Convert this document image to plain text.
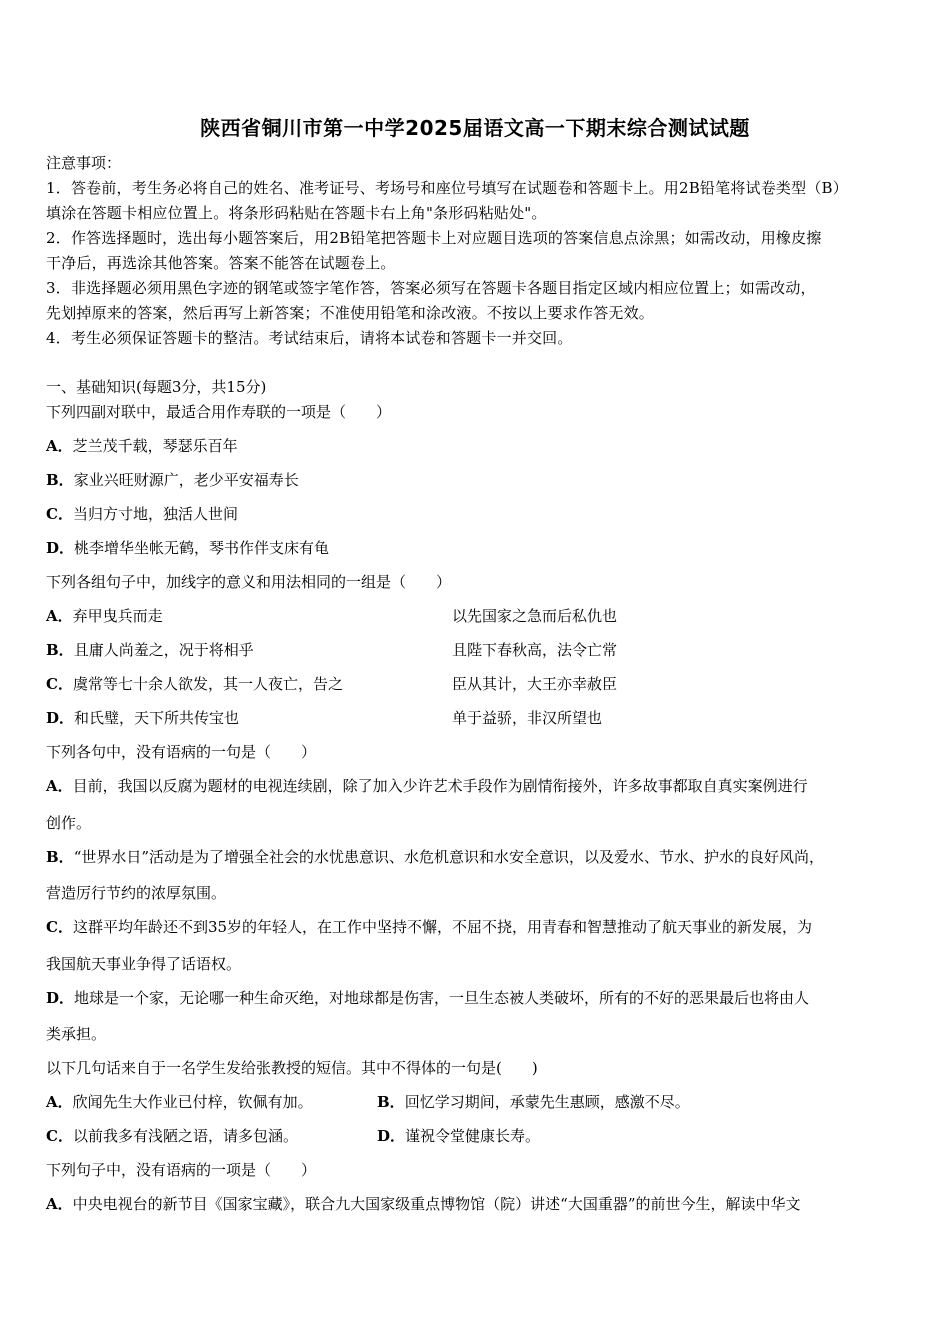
陕西省铜川市第一中学2025届语文高一下期末综合测试试题
注意事项：
1．答卷前，考生务必将自己的姓名、准考证号、考场号和座位号填写在试题卷和答题卡上。用2B铅笔将试卷类型（B）
填涂在答题卡相应位置上。将条形码粘贴在答题卡右上角"条形码粘贴处"。
2．作答选择题时，选出每小题答案后，用2B铅笔把答题卡上对应题目选项的答案信息点涂黑；如需改动，用橡皮擦
干净后，再选涂其他答案。答案不能答在试题卷上。
3．非选择题必须用黑色字迹的钢笔或签字笔作答，答案必须写在答题卡各题目指定区域内相应位置上；如需改动，
先划掉原来的答案，然后再写上新答案；不准使用铅笔和涂改液。不按以上要求作答无效。
4．考生必须保证答题卡的整洁。考试结束后，请将本试卷和答题卡一并交回。
一、基础知识(每题3分，共15分)
下列四副对联中，最适合用作寿联的一项是（　　）
A．芝兰茂千载，琴瑟乐百年
B．家业兴旺财源广，老少平安福寿长
C．当归方寸地，独活人世间
D．桃李增华坐帐无鹤，琴书作伴支床有龟
下列各组句子中，加线字的意义和用法相同的一组是（　　）
A．弃甲曳兵而走	以先国家之急而后私仇也
B．且庸人尚羞之，况于将相乎	且陛下春秋高，法令亡常
C．虞常等七十余人欲发，其一人夜亡，告之	臣从其计，大王亦幸赦臣
D．和氏璧，天下所共传宝也	单于益骄，非汉所望也
下列各句中，没有语病的一句是（　　）
A．目前，我国以反腐为题材的电视连续剧，除了加入少许艺术手段作为剧情衔接外，许多故事都取自真实案例进行
创作。
B．“世界水日”活动是为了增强全社会的水忧患意识、水危机意识和水安全意识，以及爱水、节水、护水的良好风尚，
营造厉行节约的浓厚氛围。
C．这群平均年龄还不到35岁的年轻人，在工作中坚持不懈，不屈不挠，用青春和智慧推动了航天事业的新发展，为
我国航天事业争得了话语权。
D．地球是一个家，无论哪一种生命灭绝，对地球都是伤害，一旦生态被人类破坏，所有的不好的恶果最后也将由人
类承担。
以下几句话来自于一名学生发给张教授的短信。其中不得体的一句是(　　)
A．欣闻先生大作业已付梓，钦佩有加。	B．回忆学习期间，承蒙先生惠顾，感激不尽。
C．以前我多有浅陋之语，请多包涵。	D．谨祝令堂健康长寿。
下列句子中，没有语病的一项是（　　）
A．中央电视台的新节目《国家宝藏》，联合九大国家级重点博物馆（院）讲述“大国重器”的前世今生，解读中华文
